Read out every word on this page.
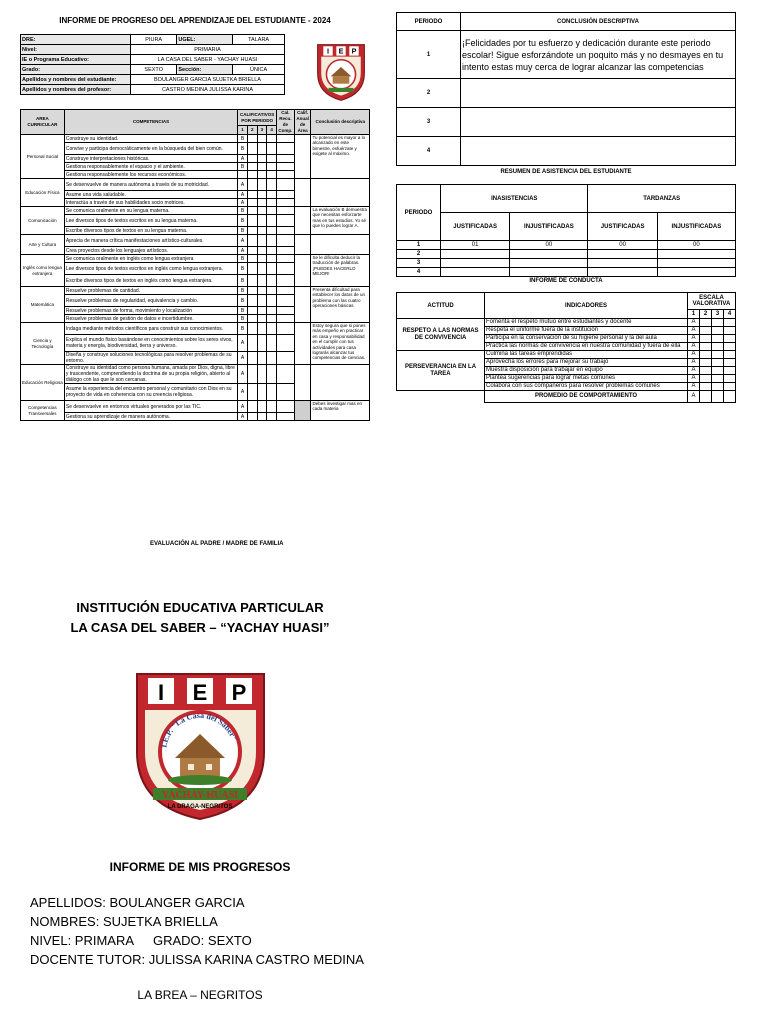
INFORME DE PROGRESO DEL APRENDIZAJE DEL ESTUDIANTE - 2024
DRE:	PIURA	UGEL:	TALARA
Nivel:	PRIMARIA		
IE o Programa Educativo:	LA CASA DEL SABER - YACHAY HUASI		
Grado:	SEXTO	Sección:	ÚNICA
Apellidos y nombres del estudiante:	BOULANGER GARCIA SUJETKA BRIELLA		
Apellidos y nombres del profesor:	CASTRO MEDINA JULISSA KARINA		
I E P
AREA CURRICULAR	COMPETENCIAS	CALIFICATIVOS POR PERIODO				Cal. Recu. de Comp.	Calif. Anual de Área	Conclusión descriptiva
		1	2	3	4			
Personal Social	Construye su identidad.	B						Tu potencial es mayor a lo alcanzado en este bimestre, esfuérzate y exigete al máximo.
	Convive y participa democráticamente en la búsqueda del bien común.	B						
	Construye interpretaciones históricas.	A						
	Gestiona responsablemente el espacio y el ambiente.	B						
	Gestiona responsablemente los recursos económicos.							
Educación Física	Se desenvuelve de manera autónoma a través de su motricidad.	A						
	Asume una vida saludable.	A						
	Interactúa a través de sus habilidades socio motrices.	A						
Comunicación	Se comunica oralmente en su lengua materna.	B						La evaluación B demuestra que necesitas esforzarte mas en tus estudios. Yo sé que lo puedes lograr A.
	Lee diversos tipos de textos escritos en su lengua materna.	B						
	Escribe diversos tipos de textos en su lengua materna.	B						
Arte y Cultura	Aprecia de manera crítica manifestaciones artístico-culturales.	A						
	Crea proyectos desde los lenguajes artísticos.	A						
Inglés como lengua extranjera	Se comunica oralmente en inglés como lengua extranjera	B						Se le dificulta deducir la traducción de palabras. ¡PUEDES HACERLO MEJOR!
	Lee diversos tipos de textos escritos en inglés como lengua extranjera.	B						
	Escribe diversos tipos de textos en inglés como lengua extranjera.	B						
Matemática	Resuelve problemas de cantidad.	B						Presenta dificultad para establecer los datos de un problema con las cuatro operaciones básicas
	Resuelve problemas de regularidad, equivalencia y cambio.	B						
	Resuelve problemas de forma, movimiento y localización	B						
	Resuelve problemas de gestión de datos e incertidumbre.	B						
Ciencia y Tecnología	Indaga mediante métodos científicos para construir sus conocimientos.	B						Estoy segura que si pones más empeño en practicar en casa y responsabilidad en el cumplir con tus actividades para casa lograrás alcanzar tus competencias de ciencias.
	Explica el mundo físico basándose en conocimientos sobre los seres vivos, materia y energía, biodiversidad, tierra y universo.	A						
	Diseña y construye soluciones tecnológicas para resolver problemas de su entorno.	A						
Educación Religiosa	Construye su identidad como persona humana, amada por Dios, digna, libre y trascendente, comprendiendo la doctrina de su propia religión, abierto al diálogo con las que le son cercanas.	A						
	Asume la experiencia del encuentro personal y comunitario con Dios en su proyecto de vida en coherencia con su creencia religiosa.	A						
Competencias Transversales	Se desenvuelve en entornos virtuales generados por las TIC.	A						Debes investigar mas en cada materia
	Gestiona su aprendizaje de manera autónoma.	A						
EVALUACIÓN AL PADRE / MADRE DE FAMILIA
PERIODO	CONCLUSIÓN DESCRIPTIVA
1	¡Felicidades por tu esfuerzo y dedicación durante este periodo escolar! Sigue esforzándote un poquito más y no desmayes en tu intento estas muy cerca de lograr alcanzar las competencias
2	
3	
4	
RESUMEN DE ASISTENCIA DEL ESTUDIANTE
PERIODO	INASISTENCIAS		TARDANZAS	
	JUSTIFICADAS	INJUSTIFICADAS	JUSTIFICADAS	INJUSTIFICADAS
1	01	00	00	00
2				
3				
4				
INFORME DE CONDUCTA
ACTITUD	INDICADORES	ESCALA VALORATIVA			
		1	2	3	4
RESPETO A LAS NORMAS DE CONVIVENCIA	Fomenta el respeto mutuo entre estudiantes y docente	A			
	Respeta el uniforme fuera de la institución	A			
	Participa en la conservación de su higiene personal y la del aula	A			
	Practica las normas de convivencia en nuestra comunidad y fuera de ella	A			
PERSEVERANCIA EN LA TAREA	Culmina las tareas emprendidas	A			
	Aprovecha los errores para mejorar su trabajo	A			
	Muestra disposición para trabajar en equipo	A			
	Plantea sugerencias para lograr metas comunes	A			
	Colabora con sus compañeros para resolver problemas comunes	A			
	PROMEDIO DE COMPORTAMIENTO	A			
INSTITUCIÓN EDUCATIVA PARTICULAR
LA CASA DEL SABER – “YACHAY HUASI”
I E P
I.E.P. "La Casa del Saber"
YACHAY-HUASI
LA DRAGA-NEGRITOS
INFORME DE MIS PROGRESOS
APELLIDOS: BOULANGER GARCIA
NOMBRES: SUJETKA BRIELLA
NIVEL: PRIMARA GRADO: SEXTO
DOCENTE TUTOR: JULISSA KARINA CASTRO MEDINA
LA BREA – NEGRITOS
